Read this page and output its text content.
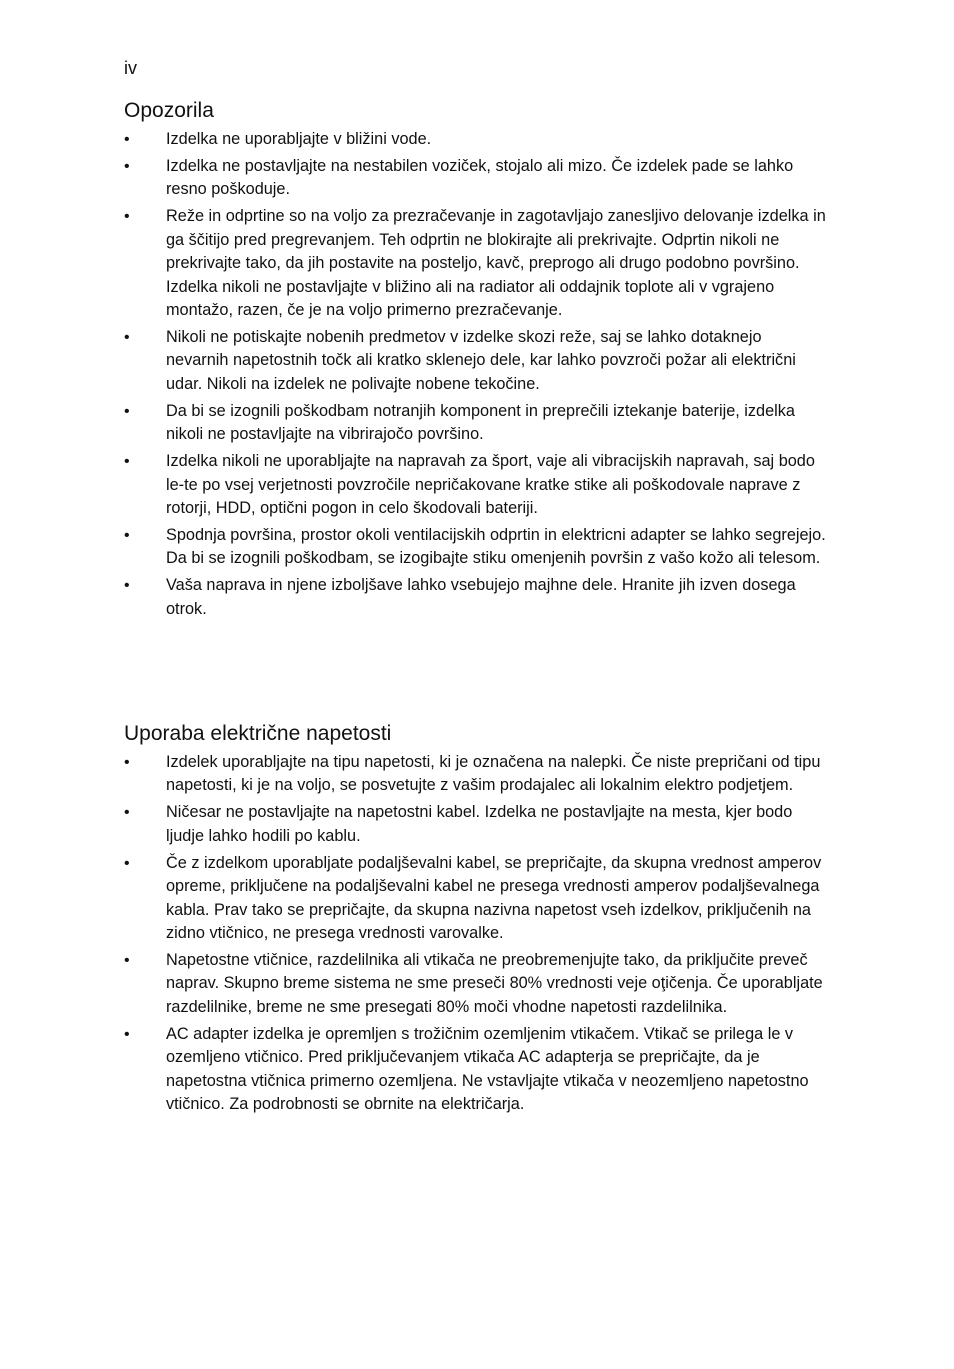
iv
Opozorila
• Izdelka ne uporabljajte v bližini vode.
• Izdelka ne postavljajte na nestabilen voziček, stojalo ali mizo. Če izdelek pade se lahko resno poškoduje.
• Reže in odprtine so na voljo za prezračevanje in zagotavljajo zanesljivo delovanje izdelka in ga ščitijo pred pregrevanjem. Teh odprtin ne blokirajte ali prekrivajte. Odprtin nikoli ne prekrivajte tako, da jih postavite na posteljo, kavč, preprogo ali drugo podobno površino. Izdelka nikoli ne postavljajte v bližino ali na radiator ali oddajnik toplote ali v vgrajeno montažo, razen, če je na voljo primerno prezračevanje.
• Nikoli ne potiskajte nobenih predmetov v izdelke skozi reže, saj se lahko dotaknejo nevarnih napetostnih točk ali kratko sklenejo dele, kar lahko povzroči požar ali električni udar. Nikoli na izdelek ne polivajte nobene tekočine.
• Da bi se izognili poškodbam notranjih komponent in preprečili iztekanje baterije, izdelka nikoli ne postavljajte na vibrirajočo površino.
• Izdelka nikoli ne uporabljajte na napravah za šport, vaje ali vibracijskih napravah, saj bodo le-te po vsej verjetnosti povzročile nepričakovane kratke stike ali poškodovale naprave z rotorji, HDD, optični pogon in celo škodovali bateriji.
• Spodnja površina, prostor okoli ventilacijskih odprtin in elektricni adapter se lahko segrejejo. Da bi se izognili poškodbam, se izogibajte stiku omenjenih površin z vašo kožo ali telesom.
• Vaša naprava in njene izboljšave lahko vsebujejo majhne dele. Hranite jih izven dosega otrok.
Uporaba električne napetosti
• Izdelek uporabljajte na tipu napetosti, ki je označena na nalepki. Če niste prepričani od tipu napetosti, ki je na voljo, se posvetujte z vašim prodajalec ali lokalnim elektro podjetjem.
• Ničesar ne postavljajte na napetostni kabel. Izdelka ne postavljajte na mesta, kjer bodo ljudje lahko hodili po kablu.
• Če z izdelkom uporabljate podaljševalni kabel, se prepričajte, da skupna vrednost amperov opreme, priključene na podaljševalni kabel ne presega vrednosti amperov podaljševalnega kabla. Prav tako se prepričajte, da skupna nazivna napetost vseh izdelkov, priključenih na zidno vtičnico, ne presega vrednosti varovalke.
• Napetostne vtičnice, razdelilnika ali vtikača ne preobremenjujte tako, da priključite preveč naprav. Skupno breme sistema ne sme preseči 80% vrednosti veje oţičenja. Če uporabljate razdelilnike, breme ne sme presegati 80% moči vhodne napetosti razdelilnika.
• AC adapter izdelka je opremljen s trožičnim ozemljenim vtikačem. Vtikač se prilega le v ozemljeno vtičnico. Pred priključevanjem vtikača AC adapterja se prepričajte, da je napetostna vtičnica primerno ozemljena. Ne vstavljajte vtikača v neozemljeno napetostno vtičnico. Za podrobnosti se obrnite na električarja.
